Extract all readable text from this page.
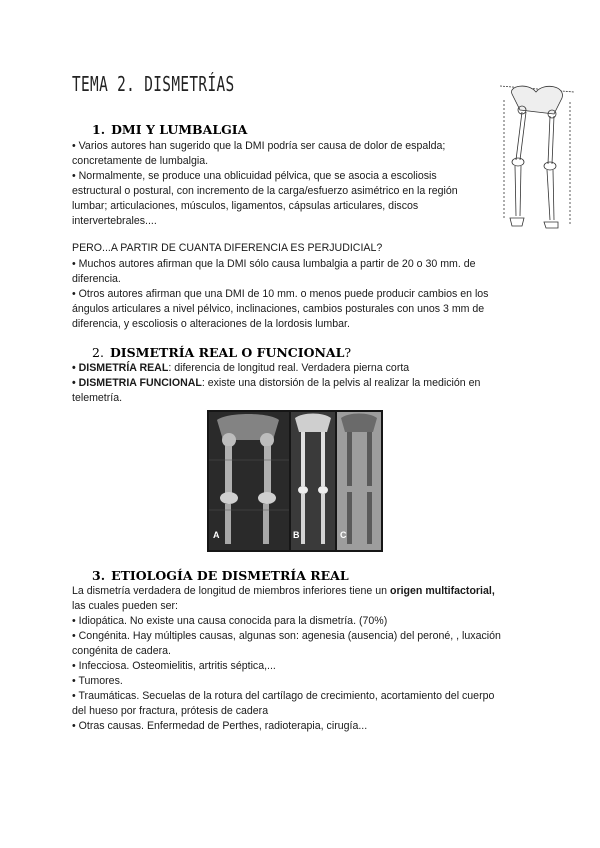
TEMA 2. DISMETRÍAS
1. DMI Y LUMBALGIA
• Varios autores han sugerido que la DMI podría ser causa de dolor de espalda;
concretamente de lumbalgia.
• Normalmente, se produce una oblicuidad pélvica, que se asocia a escoliosis
estructural o postural, con incremento de la carga/esfuerzo asimétrico en la región
lumbar; articulaciones, músculos, ligamentos, cápsulas articulares, discos
intervertebrales....
PERO...A PARTIR DE CUANTA DIFERENCIA ES PERJUDICIAL?
• Muchos autores afirman que la DMI sólo causa lumbalgia a partir de 20 o 30 mm. de
diferencia.
• Otros autores afirman que una DMI de 10 mm. o menos puede producir cambios en los
ángulos articulares a nivel pélvico, inclinaciones, cambios posturales con unos 3 mm de
diferencia, y escoliosis o alteraciones de la lordosis lumbar.
2. DISMETRÍA REAL O FUNCIONAL?
• DISMETRÍA REAL: diferencia de longitud real. Verdadera pierna corta
• DISMETRIA FUNCIONAL: existe una distorsión de la pelvis al realizar la medición en
telemetría.
A	B	C
3. ETIOLOGÍA DE DISMETRÍA REAL
La dismetría verdadera de longitud de miembros inferiores tiene un origen multifactorial,
las cuales pueden ser:
• Idiopática. No existe una causa conocida para la dismetría. (70%)
• Congénita. Hay múltiples causas, algunas son: agenesia (ausencia) del peroné, , luxación
congénita de cadera.
• Infecciosa. Osteomielitis, artritis séptica,...
• Tumores.
• Traumáticas. Secuelas de la rotura del cartílago de crecimiento, acortamiento del cuerpo
del hueso por fractura, prótesis de cadera
• Otras causas. Enfermedad de Perthes, radioterapia, cirugía...
